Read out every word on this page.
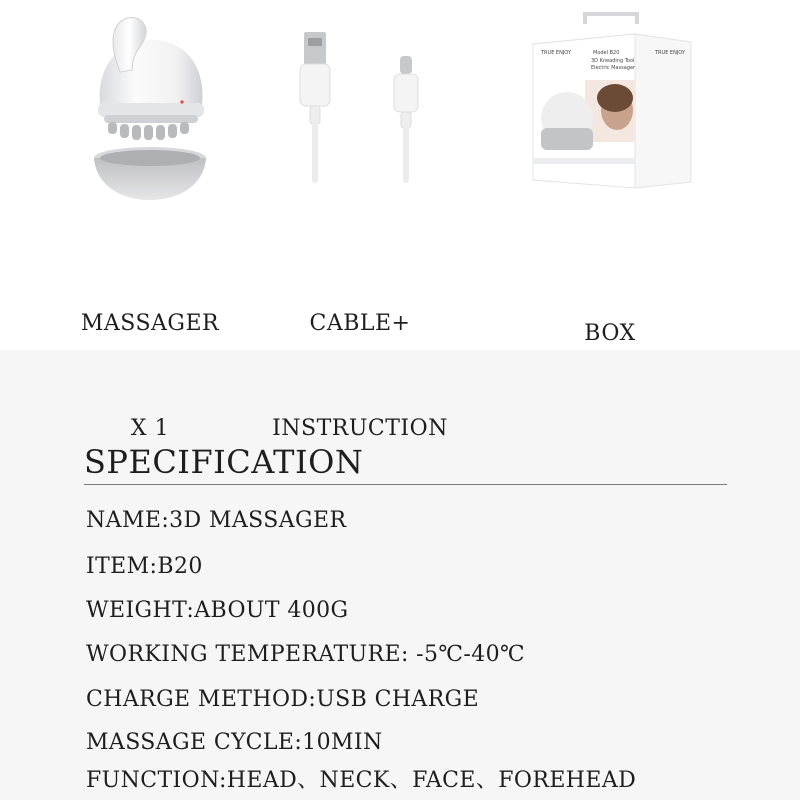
TRUE ENJOY	Model B20
3D Kneading Tool
Electric Massager
TRUE ENJOY

MASSAGER

X 1

CABLE+

INSTRUCTION

BOX

SPECIFICATION
NAME:3D MASSAGER
ITEM:B20
WEIGHT:ABOUT 400G
WORKING TEMPERATURE: -5℃-40℃
CHARGE METHOD:USB CHARGE
MASSAGE CYCLE:10MIN
FUNCTION:HEAD、NECK、FACE、FOREHEAD
